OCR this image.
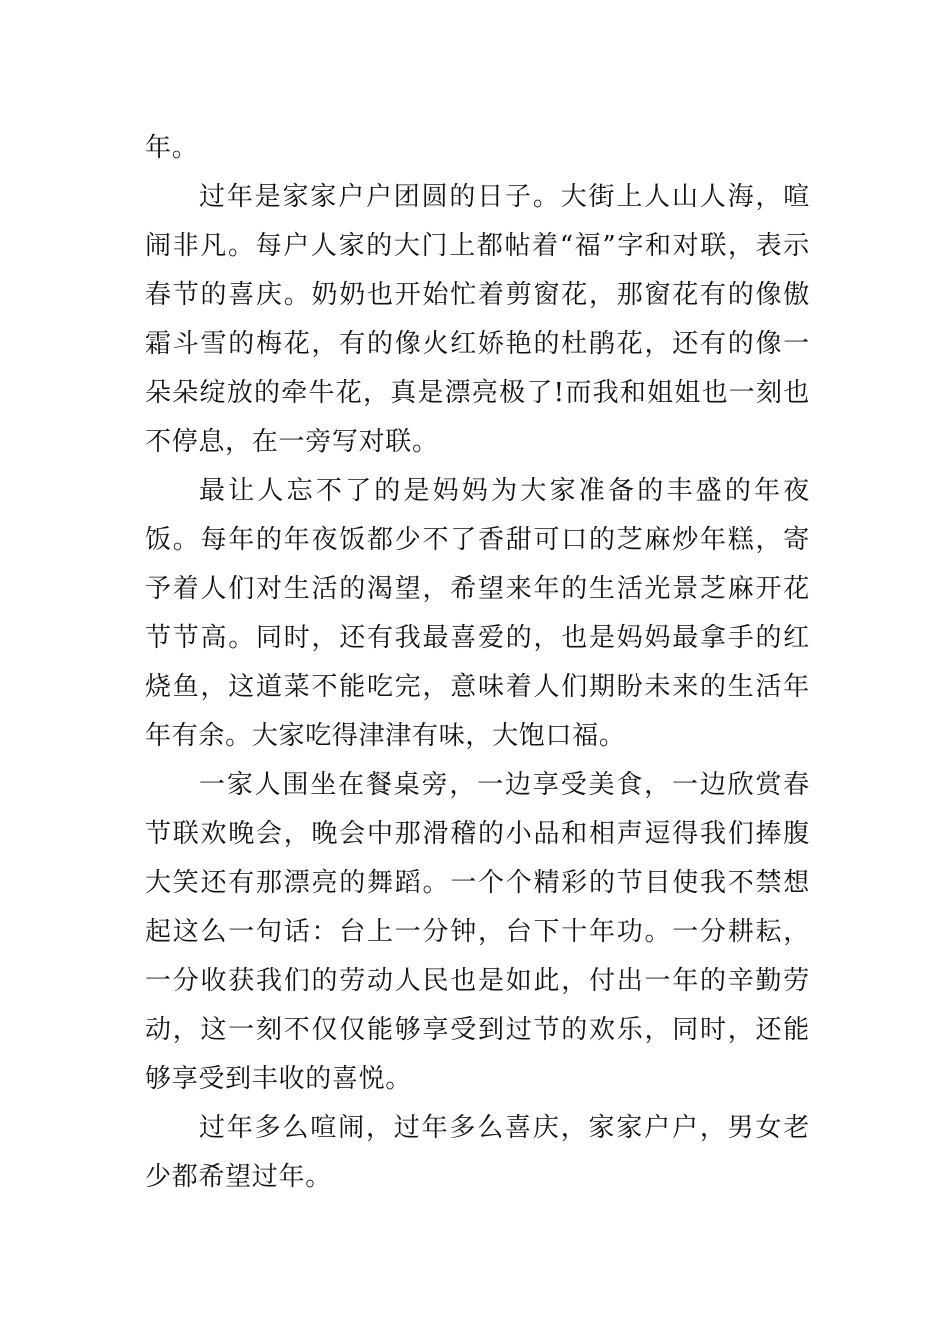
年。

过年是家家户户团圆的日子。大街上人山人海，喧闹非凡。每户人家的大门上都帖着“福”字和对联，表示春节的喜庆。奶奶也开始忙着剪窗花，那窗花有的像傲霜斗雪的梅花，有的像火红娇艳的杜鹃花，还有的像一朵朵绽放的牵牛花，真是漂亮极了!而我和姐姐也一刻也不停息，在一旁写对联。

最让人忘不了的是妈妈为大家准备的丰盛的年夜饭。每年的年夜饭都少不了香甜可口的芝麻炒年糕，寄予着人们对生活的渴望，希望来年的生活光景芝麻开花节节高。同时，还有我最喜爱的，也是妈妈最拿手的红烧鱼，这道菜不能吃完，意味着人们期盼未来的生活年年有余。大家吃得津津有味，大饱口福。

一家人围坐在餐桌旁，一边享受美食，一边欣赏春节联欢晚会，晚会中那滑稽的小品和相声逗得我们捧腹大笑还有那漂亮的舞蹈。一个个精彩的节目使我不禁想起这么一句话：台上一分钟，台下十年功。一分耕耘，一分收获我们的劳动人民也是如此，付出一年的辛勤劳动，这一刻不仅仅能够享受到过节的欢乐，同时，还能够享受到丰收的喜悦。

过年多么喧闹，过年多么喜庆，家家户户，男女老少都希望过年。
